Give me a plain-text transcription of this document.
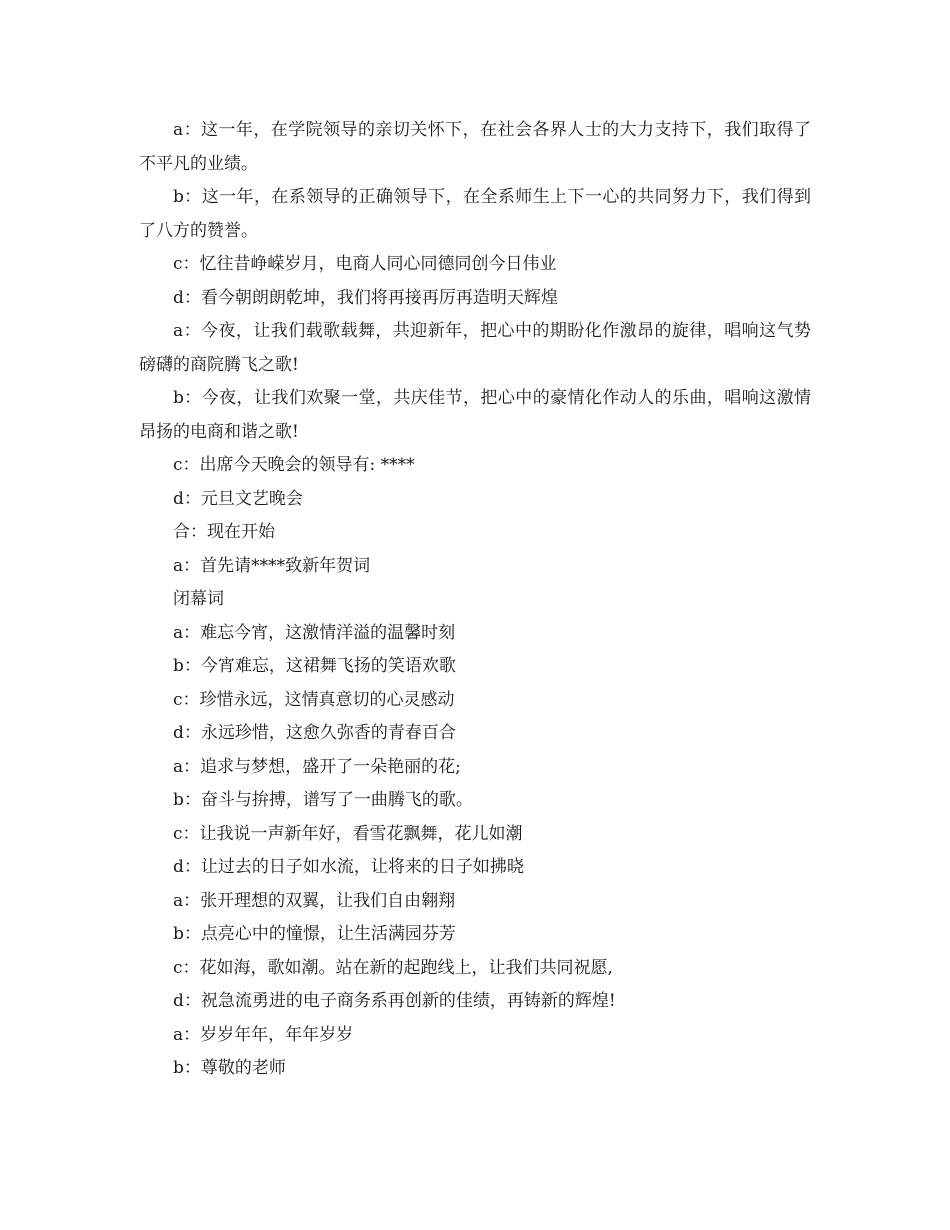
a：这一年，在学院领导的亲切关怀下，在社会各界人士的大力支持下，我们取得了不平凡的业绩。

b：这一年，在系领导的正确领导下，在全系师生上下一心的共同努力下，我们得到了八方的赞誉。

c：忆往昔峥嵘岁月，电商人同心同德同创今日伟业

d：看今朝朗朗乾坤，我们将再接再厉再造明天辉煌

a：今夜，让我们载歌载舞，共迎新年，把心中的期盼化作激昂的旋律，唱响这气势磅礴的商院腾飞之歌!

b：今夜，让我们欢聚一堂，共庆佳节，把心中的豪情化作动人的乐曲，唱响这激情昂扬的电商和谐之歌!

c：出席今天晚会的领导有: ****

d：元旦文艺晚会

合：现在开始

a：首先请****致新年贺词

闭幕词

a：难忘今宵，这激情洋溢的温馨时刻

b：今宵难忘，这裙舞飞扬的笑语欢歌

c：珍惜永远，这情真意切的心灵感动

d：永远珍惜，这愈久弥香的青春百合

a：追求与梦想，盛开了一朵艳丽的花;

b：奋斗与拚搏，谱写了一曲腾飞的歌。

c：让我说一声新年好，看雪花飘舞，花儿如潮

d：让过去的日子如水流，让将来的日子如拂晓

a：张开理想的双翼，让我们自由翱翔

b：点亮心中的憧憬，让生活满园芬芳

c：花如海，歌如潮。站在新的起跑线上，让我们共同祝愿,

d：祝急流勇进的电子商务系再创新的佳绩，再铸新的辉煌!

a：岁岁年年，年年岁岁

b：尊敬的老师
